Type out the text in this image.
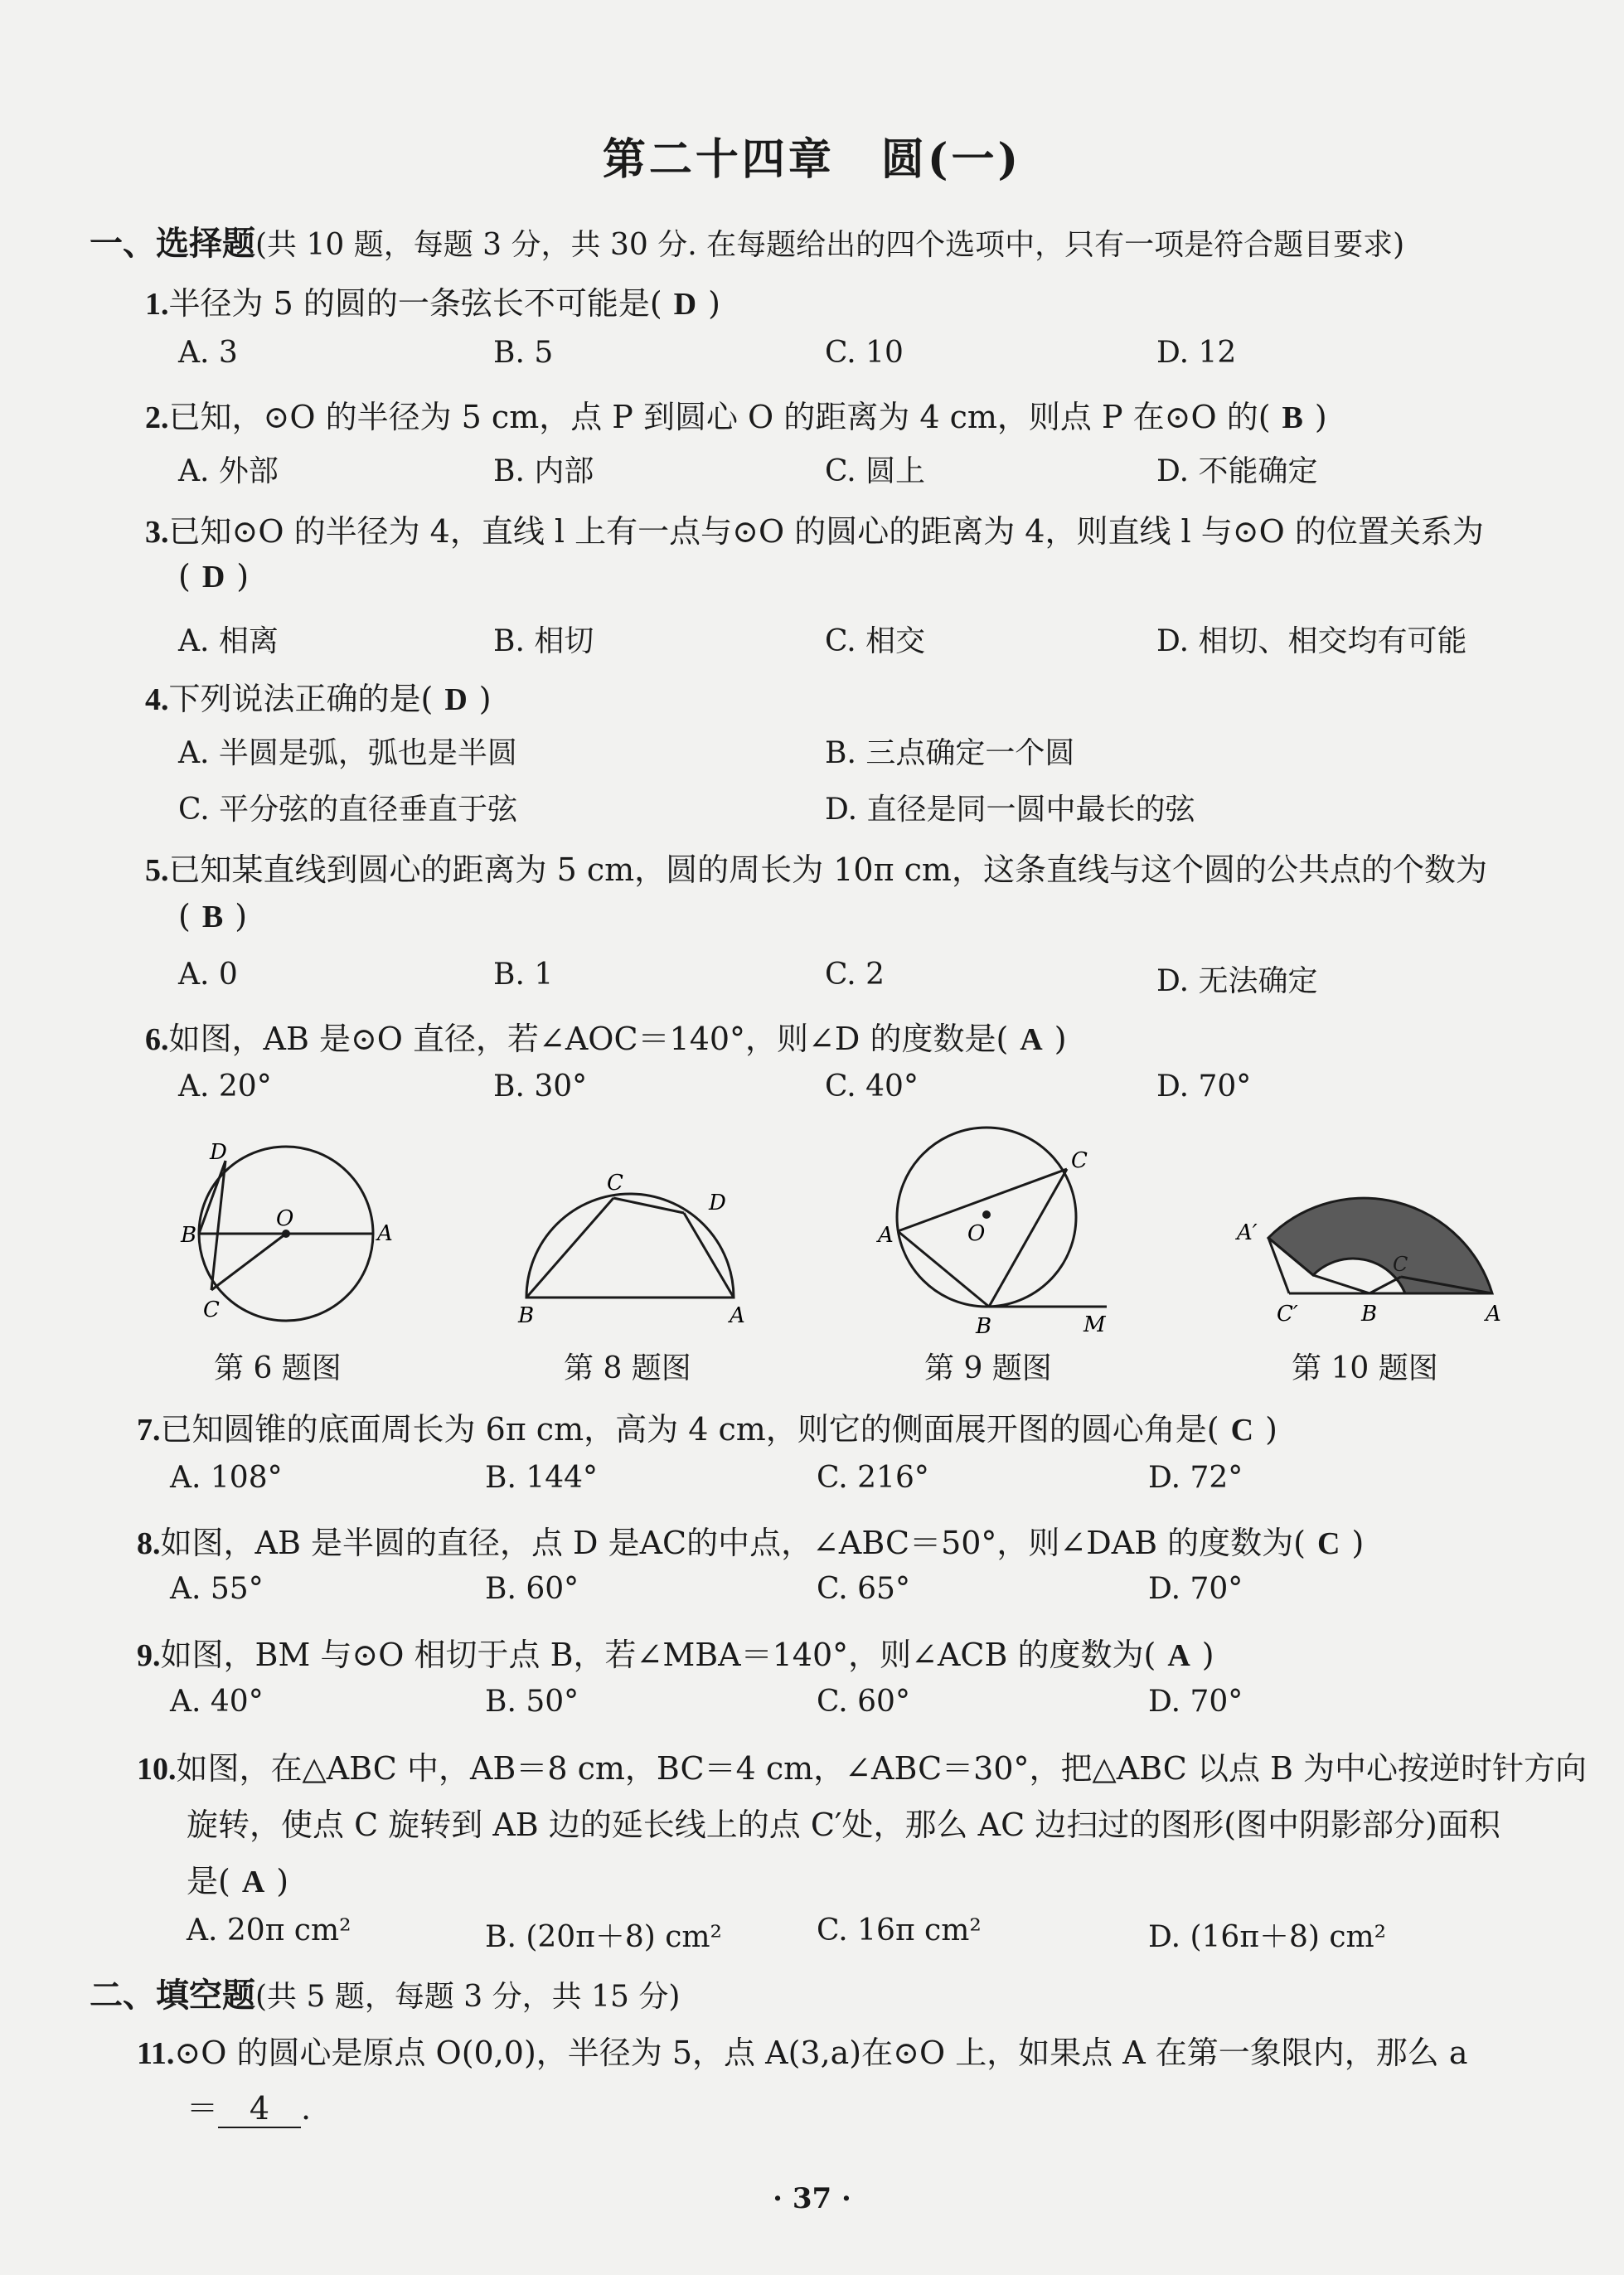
第二十四章　圆(一)
一、选择题(共 10 题，每题 3 分，共 30 分. 在每题给出的四个选项中，只有一项是符合题目要求)
1.半径为 5 的圆的一条弦长不可能是( D )
A. 3	B. 5	C. 10	D. 12
2.已知，⊙O 的半径为 5 cm，点 P 到圆心 O 的距离为 4 cm，则点 P 在⊙O 的( B )
A. 外部	B. 内部	C. 圆上	D. 不能确定
3.已知⊙O 的半径为 4，直线 l 上有一点与⊙O 的圆心的距离为 4，则直线 l 与⊙O 的位置关系为
( D )
A. 相离	B. 相切	C. 相交	D. 相切、相交均有可能
4.下列说法正确的是( D )
A. 半圆是弧，弧也是半圆	B. 三点确定一个圆
C. 平分弦的直径垂直于弦	D. 直径是同一圆中最长的弦
5.已知某直线到圆心的距离为 5 cm，圆的周长为 10π cm，这条直线与这个圆的公共点的个数为
( B )
A. 0	B. 1	C. 2	D. 无法确定
6.如图，AB 是⊙O 直径，若∠AOC＝140°，则∠D 的度数是( A )
A. 20°	B. 30°	C. 40°	D. 70°
D
O
B	A
C
第 6 题图
C
D
B	A
第 8 题图
C
A	O
B	M
第 9 题图
A′
C
C′	B	A
第 10 题图
7.已知圆锥的底面周长为 6π cm，高为 4 cm，则它的侧面展开图的圆心角是( C )
A. 108°	B. 144°	C. 216°	D. 72°
8.如图，AB 是半圆的直径，点 D 是AC的中点，∠ABC＝50°，则∠DAB 的度数为( C )
A. 55°	B. 60°	C. 65°	D. 70°
9.如图，BM 与⊙O 相切于点 B，若∠MBA＝140°，则∠ACB 的度数为( A )
A. 40°	B. 50°	C. 60°	D. 70°
10.如图，在△ABC 中，AB＝8 cm，BC＝4 cm，∠ABC＝30°，把△ABC 以点 B 为中心按逆时针方向
旋转，使点 C 旋转到 AB 边的延长线上的点 C′处，那么 AC 边扫过的图形(图中阴影部分)面积
是( A )
A. 20π cm²	B. (20π＋8) cm²	C. 16π cm²	D. (16π＋8) cm²
二、填空题(共 5 题，每题 3 分，共 15 分)
11.⊙O 的圆心是原点 O(0,0)，半径为 5，点 A(3,a)在⊙O 上，如果点 A 在第一象限内，那么 a
＝ 4 .
· 37 ·
